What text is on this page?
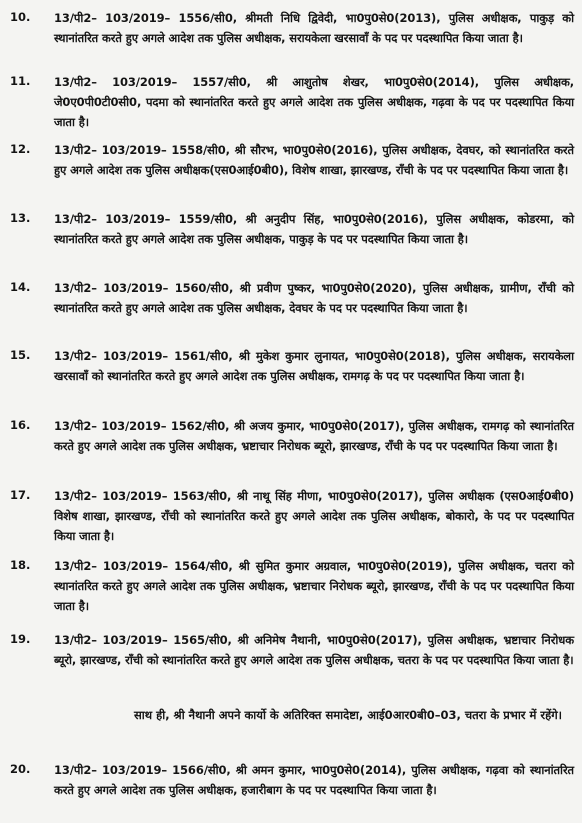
10. 13/पी2– 103/2019– 1556/सी0, श्रीमती निधि द्विवेदी, भा0पु0से0(2013), पुलिस अधीक्षक, पाकुड़ को स्थानांतरित करते हुए अगले आदेश तक पुलिस अधीक्षक, सरायकेला खरसावाँ के पद पर पदस्थापित किया जाता है।
11. 13/पी2– 103/2019– 1557/सी0, श्री आशुतोष शेखर, भा0पु0से0(2014), पुलिस अधीक्षक, जे0ए0पी0टी0सी0, पदमा को स्थानांतरित करते हुए अगले आदेश तक पुलिस अधीक्षक, गढ़वा के पद पर पदस्थापित किया जाता है।
12. 13/पी2– 103/2019– 1558/सी0, श्री सौरभ, भा0पु0से0(2016), पुलिस अधीक्षक, देवघर, को स्थानांतरित करते हुए अगले आदेश तक पुलिस अधीक्षक(एस0आई0बी0), विशेष शाखा, झारखण्ड, राँची के पद पर पदस्थापित किया जाता है।
13. 13/पी2– 103/2019– 1559/सी0, श्री अनुदीप सिंह, भा0पु0से0(2016), पुलिस अधीक्षक, कोडरमा, को स्थानांतरित करते हुए अगले आदेश तक पुलिस अधीक्षक, पाकुड़ के पद पर पदस्थापित किया जाता है।
14. 13/पी2– 103/2019– 1560/सी0, श्री प्रवीण पुष्कर, भा0पु0से0(2020), पुलिस अधीक्षक, ग्रामीण, राँची को स्थानांतरित करते हुए अगले आदेश तक पुलिस अधीक्षक, देवघर के पद पर पदस्थापित किया जाता है।
15. 13/पी2– 103/2019– 1561/सी0, श्री मुकेश कुमार लुनायत, भा0पु0से0(2018), पुलिस अधीक्षक, सरायकेला खरसावाँ को स्थानांतरित करते हुए अगले आदेश तक पुलिस अधीक्षक, रामगढ़ के पद पर पदस्थापित किया जाता है।
16. 13/पी2– 103/2019– 1562/सी0, श्री अजय कुमार, भा0पु0से0(2017), पुलिस अधीक्षक, रामगढ़ को स्थानांतरित करते हुए अगले आदेश तक पुलिस अधीक्षक, भ्रष्टाचार निरोधक ब्यूरो, झारखण्ड, राँची के पद पर पदस्थापित किया जाता है।
17. 13/पी2– 103/2019– 1563/सी0, श्री नाथू सिंह मीणा, भा0पु0से0(2017), पुलिस अधीक्षक (एस0आई0बी0) विशेष शाखा, झारखण्ड, राँची को स्थानांतरित करते हुए अगले आदेश तक पुलिस अधीक्षक, बोकारो, के पद पर पदस्थापित किया जाता है।
18. 13/पी2– 103/2019– 1564/सी0, श्री सुमित कुमार अग्रवाल, भा0पु0से0(2019), पुलिस अधीक्षक, चतरा को स्थानांतरित करते हुए अगले आदेश तक पुलिस अधीक्षक, भ्रष्टाचार निरोधक ब्यूरो, झारखण्ड, राँची के पद पर पदस्थापित किया जाता है।
19. 13/पी2– 103/2019– 1565/सी0, श्री अनिमेष नैथानी, भा0पु0से0(2017), पुलिस अधीक्षक, भ्रष्टाचार निरोधक ब्यूरो, झारखण्ड, राँची को स्थानांतरित करते हुए अगले आदेश तक पुलिस अधीक्षक, चतरा के पद पर पदस्थापित किया जाता है।
साथ ही, श्री नैथानी अपने कार्यो के अतिरिक्त समादेष्टा, आई0आर0बी0–03, चतरा के प्रभार में रहेंगे।
20. 13/पी2– 103/2019– 1566/सी0, श्री अमन कुमार, भा0पु0से0(2014), पुलिस अधीक्षक, गढ़वा को स्थानांतरित करते हुए अगले आदेश तक पुलिस अधीक्षक, हजारीबाग के पद पर पदस्थापित किया जाता है।
